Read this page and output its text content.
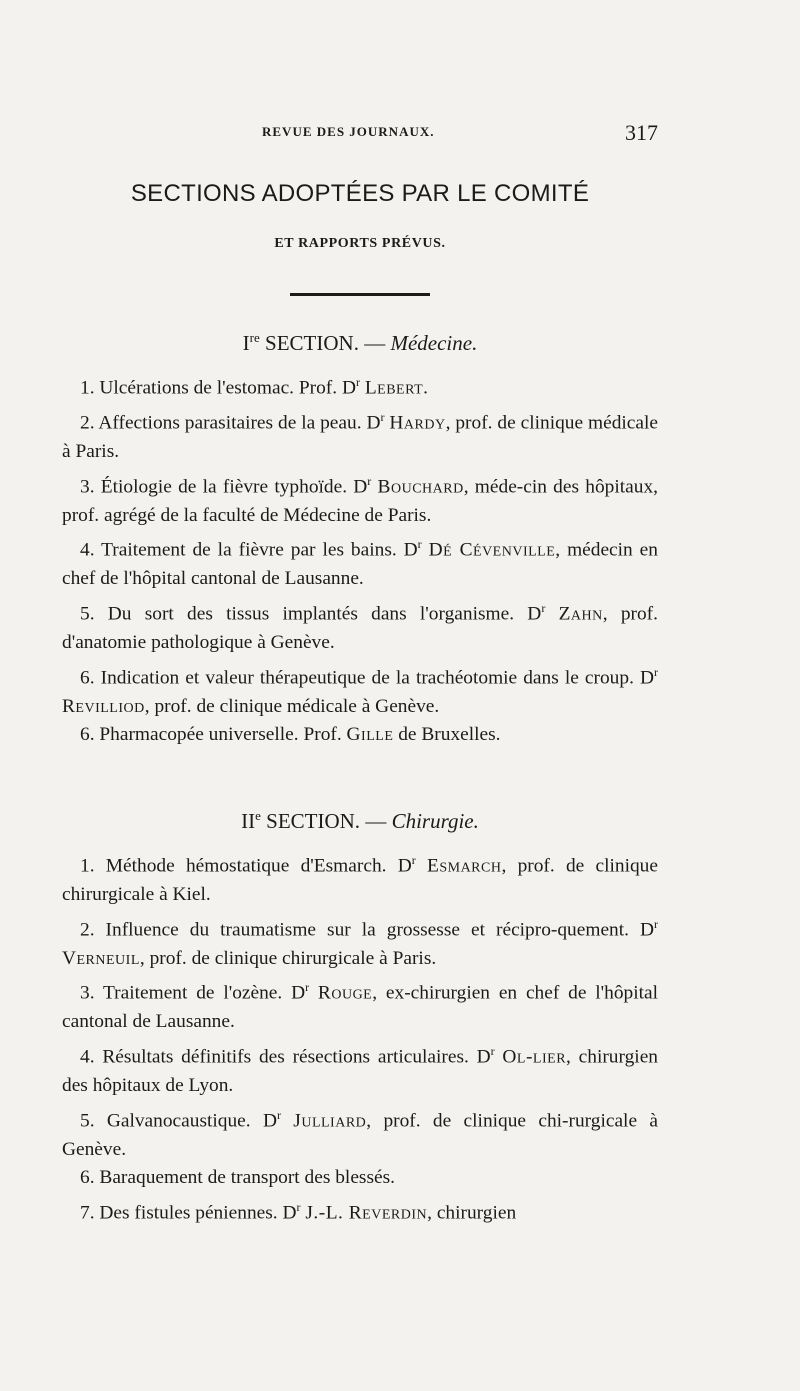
REVUE DES JOURNAUX.	317
SECTIONS ADOPTÉES PAR LE COMITÉ
ET RAPPORTS PRÉVUS.
Ire SECTION. — Médecine.

1. Ulcérations de l'estomac. Prof. $D^r$ Lebert.

2. Affections parasitaires de la peau. $D^r$ Hardy, prof. de clinique médicale à Paris.

3. Étiologie de la fièvre typhoïde. $D^r$ Bouchard, méde-cin des hôpitaux, prof. agrégé de la faculté de Médecine de Paris.

4. Traitement de la fièvre par les bains. $D^r$ Dé Cévenville, médecin en chef de l'hôpital cantonal de Lausanne.

5. Du sort des tissus implantés dans l'organisme. $D^r$ Zahn, prof. d'anatomie pathologique à Genève.

6. Indication et valeur thérapeutique de la trachéotomie dans le croup. $D^r$ Revilliod, prof. de clinique médicale à Genève.

6. Pharmacopée universelle. Prof. Gille de Bruxelles.

IIe SECTION. — Chirurgie.

1. Méthode hémostatique d'Esmarch. $D^r$ Esmarch, prof. de clinique chirurgicale à Kiel.

2. Influence du traumatisme sur la grossesse et récipro-quement. $D^r$ Verneuil, prof. de clinique chirurgicale à Paris.

3. Traitement de l'ozène. $D^r$ Rouge, ex-chirurgien en chef de l'hôpital cantonal de Lausanne.

4. Résultats définitifs des résections articulaires. $D^r$ Ol-lier, chirurgien des hôpitaux de Lyon.

5. Galvanocaustique. $D^r$ Julliard, prof. de clinique chi-rurgicale à Genève.

6. Baraquement de transport des blessés.

7. Des fistules péniennes. $D^r$ J.-L. Reverdin, chirurgien
